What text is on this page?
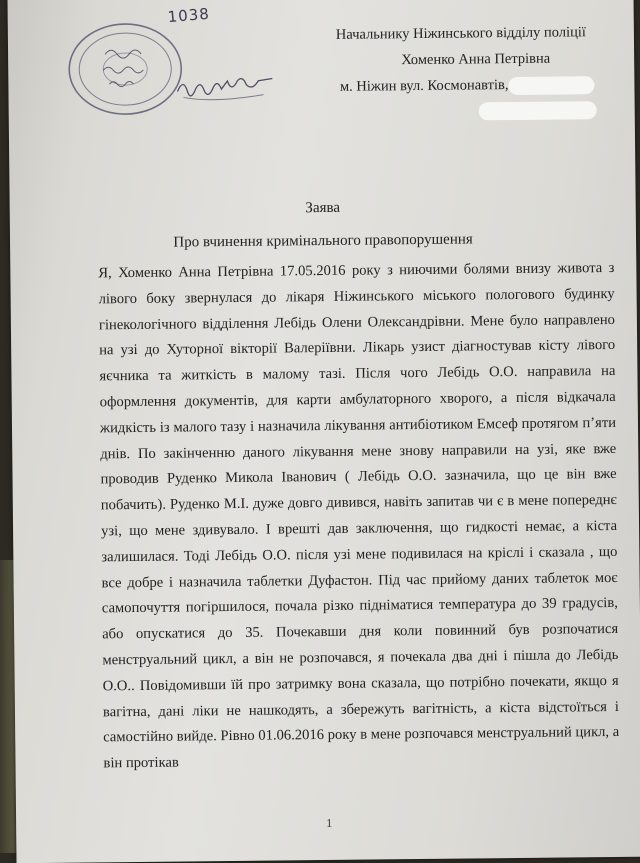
1038
Начальнику Ніжинського відділу поліції
Хоменко Анна Петрівна
м. Ніжин вул. Космонавтів,
Заява
Про вчинення кримінального правопорушення

Я, Хоменко Анна Петрівна 17.05.2016 року з ниючими болями внизу живота з лівого боку звернулася до лікаря Ніжинського міського пологового будинку гінекологічного відділення Лебідь Олени Олександрівни. Мене було направлено на узі до Хуторної вікторії Валеріївни. Лікарь узист діагностував кісту лівого яєчника та житкість в малому тазі. Після чого Лебідь О.О. направила на оформлення документів, для карти амбулаторного хворого, а після відкачала жидкість із малого тазу і назначила лікування антибіотиком Емсеф протягом п’яти днів. По закінченню даного лікування мене знову направили на узі, яке вже проводив Руденко Микола Іванович ( Лебідь О.О. зазначила, що це він вже побачить). Руденко М.І. дуже довго дивився, навіть запитав чи є в мене попереднє узі, що мене здивувало. І врешті дав заключення, що гидкості немає, а кіста залишилася. Тоді Лебідь О.О. після узі мене подивилася на кріслі і сказала , що все добре і назначила таблетки Дуфастон. Під час прийому даних таблеток моє самопочуття погіршилося, почала різко підніматися температура до 39 градусів, або опускатися до 35. Почекавши дня коли повинний був розпочатися менструальний цикл, а він не розпочався, я почекала два дні і пішла до Лебідь О.О.. Повідомивши їй про затримку вона сказала, що потрібно почекати, якщо я вагітна, дані ліки не нашкодять, а збережуть вагітність, а кіста відстоїться і самостійно вийде. Рівно 01.06.2016 року в мене розпочався менструальний цикл, а він протікав

1
